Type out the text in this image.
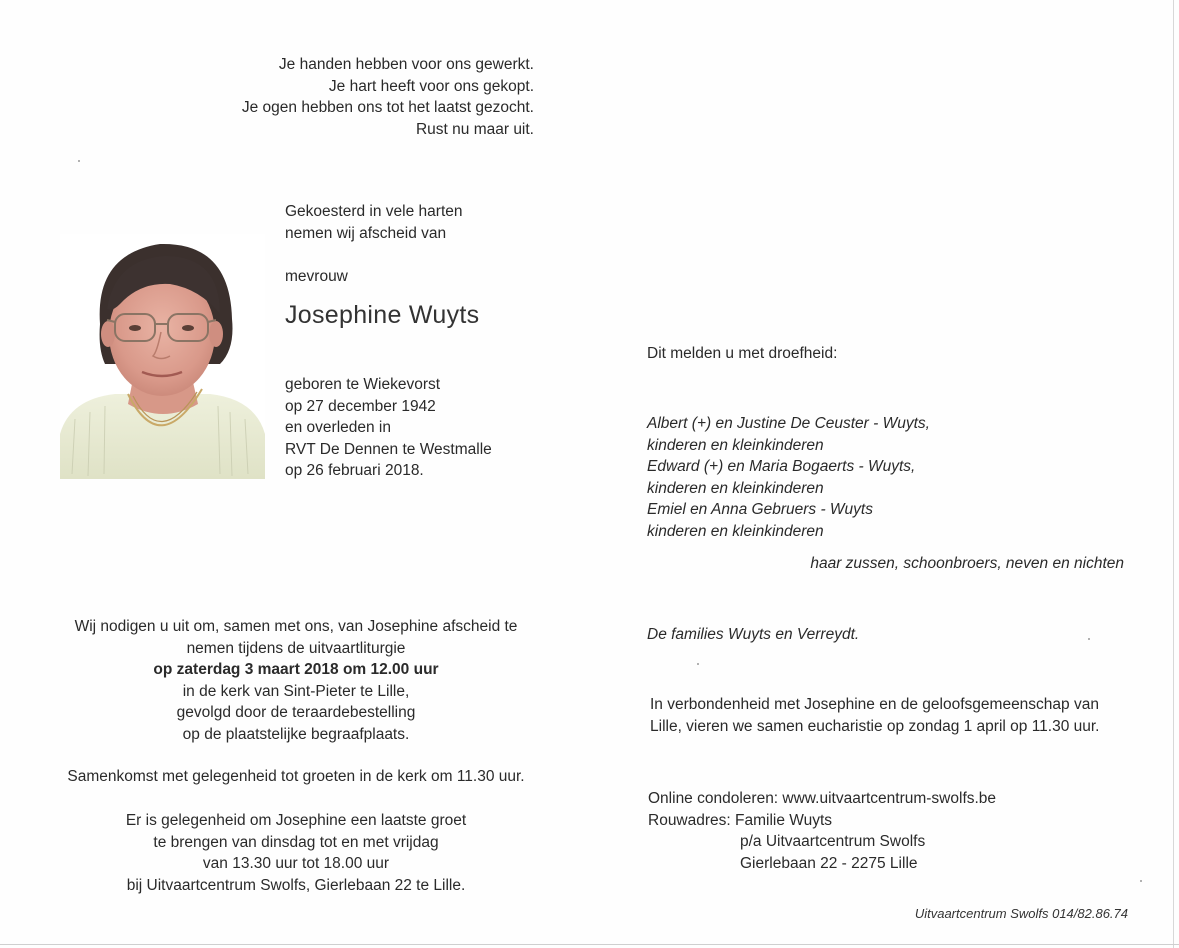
Je handen hebben voor ons gewerkt.
Je hart heeft voor ons gekopt.
Je ogen hebben ons tot het laatst gezocht.
Rust nu maar uit.
Gekoesterd in vele harten
nemen wij afscheid van
mevrouw
Josephine Wuyts
geboren te Wiekevorst
op 27 december 1942
en overleden in
RVT De Dennen te Westmalle
op 26 februari 2018.
Wij nodigen u uit om, samen met ons, van Josephine afscheid te
nemen tijdens de uitvaartliturgie
op zaterdag 3 maart 2018 om 12.00 uur
in de kerk van Sint-Pieter te Lille,
gevolgd door de teraardebestelling
op de plaatstelijke begraafplaats.
Samenkomst met gelegenheid tot groeten in de kerk om 11.30 uur.
Er is gelegenheid om Josephine een laatste groet
te brengen van dinsdag tot en met vrijdag
van 13.30 uur tot 18.00 uur
bij Uitvaartcentrum Swolfs, Gierlebaan 22 te Lille.
Dit melden u met droefheid:
Albert (+) en Justine De Ceuster - Wuyts,
kinderen en kleinkinderen
Edward (+) en Maria Bogaerts - Wuyts,
kinderen en kleinkinderen
Emiel en Anna Gebruers - Wuyts
kinderen en kleinkinderen
haar zussen, schoonbroers, neven en nichten
De families Wuyts en Verreydt.
In verbondenheid met Josephine en de geloofsgemeenschap van
Lille, vieren we samen eucharistie op zondag 1 april op 11.30 uur.
Online condoleren: www.uitvaartcentrum-swolfs.be
Rouwadres: Familie Wuyts
p/a Uitvaartcentrum Swolfs
Gierlebaan 22 - 2275 Lille
Uitvaartcentrum Swolfs 014/82.86.74
